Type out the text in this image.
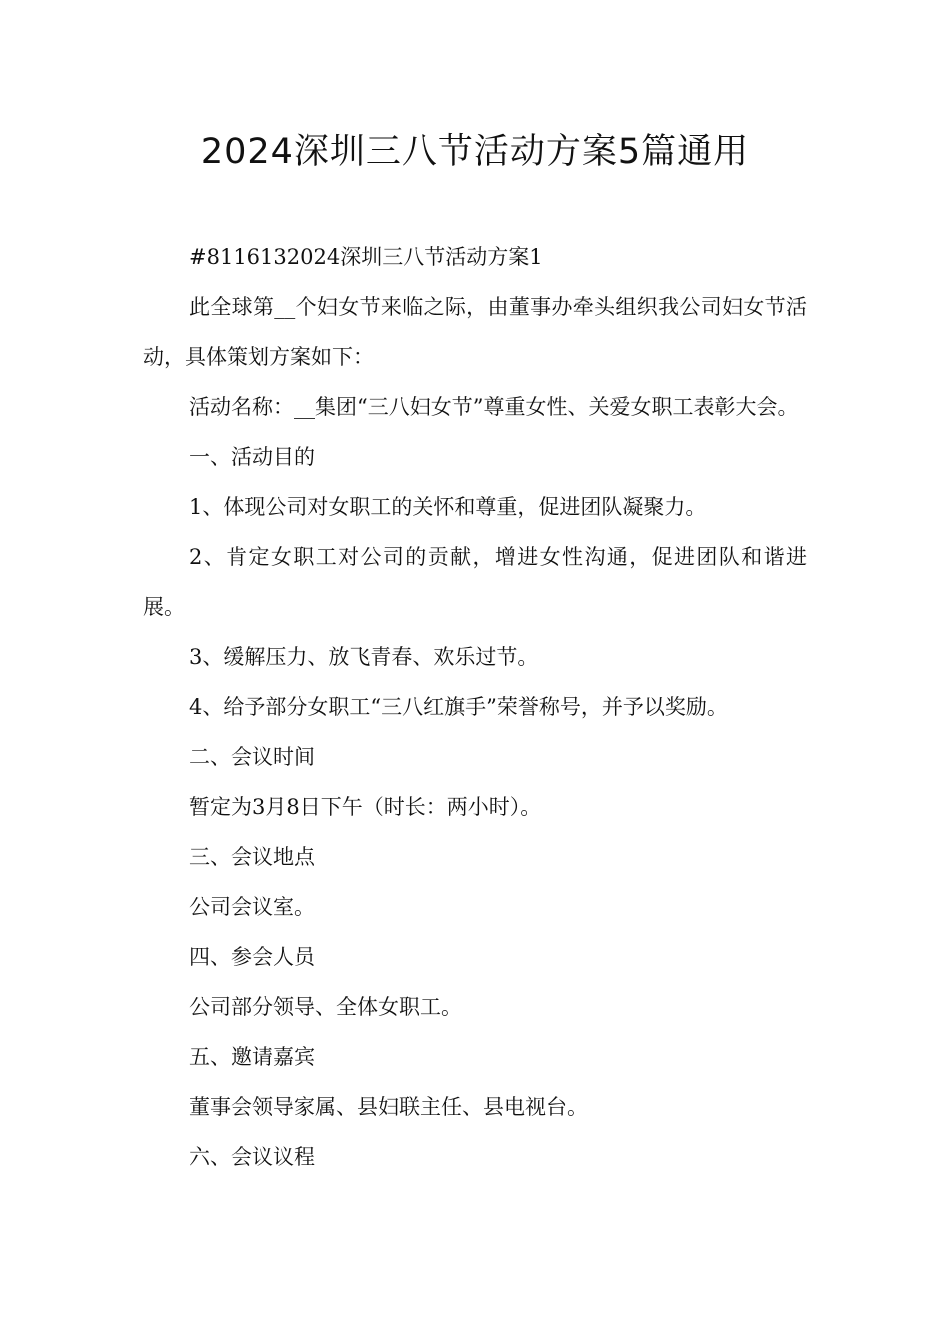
2024深圳三八节活动方案5篇通用

#8116132024深圳三八节活动方案1

此全球第__个妇女节来临之际，由董事办牵头组织我公司妇女节活动，具体策划方案如下：

活动名称：__集团“三八妇女节”尊重女性、关爱女职工表彰大会。

一、活动目的

1、体现公司对女职工的关怀和尊重，促进团队凝聚力。

2、肯定女职工对公司的贡献，增进女性沟通，促进团队和谐进展。

3、缓解压力、放飞青春、欢乐过节。

4、给予部分女职工“三八红旗手”荣誉称号，并予以奖励。

二、会议时间

暂定为3月8日下午（时长：两小时）。

三、会议地点

公司会议室。

四、参会人员

公司部分领导、全体女职工。

五、邀请嘉宾

董事会领导家属、县妇联主任、县电视台。

六、会议议程
